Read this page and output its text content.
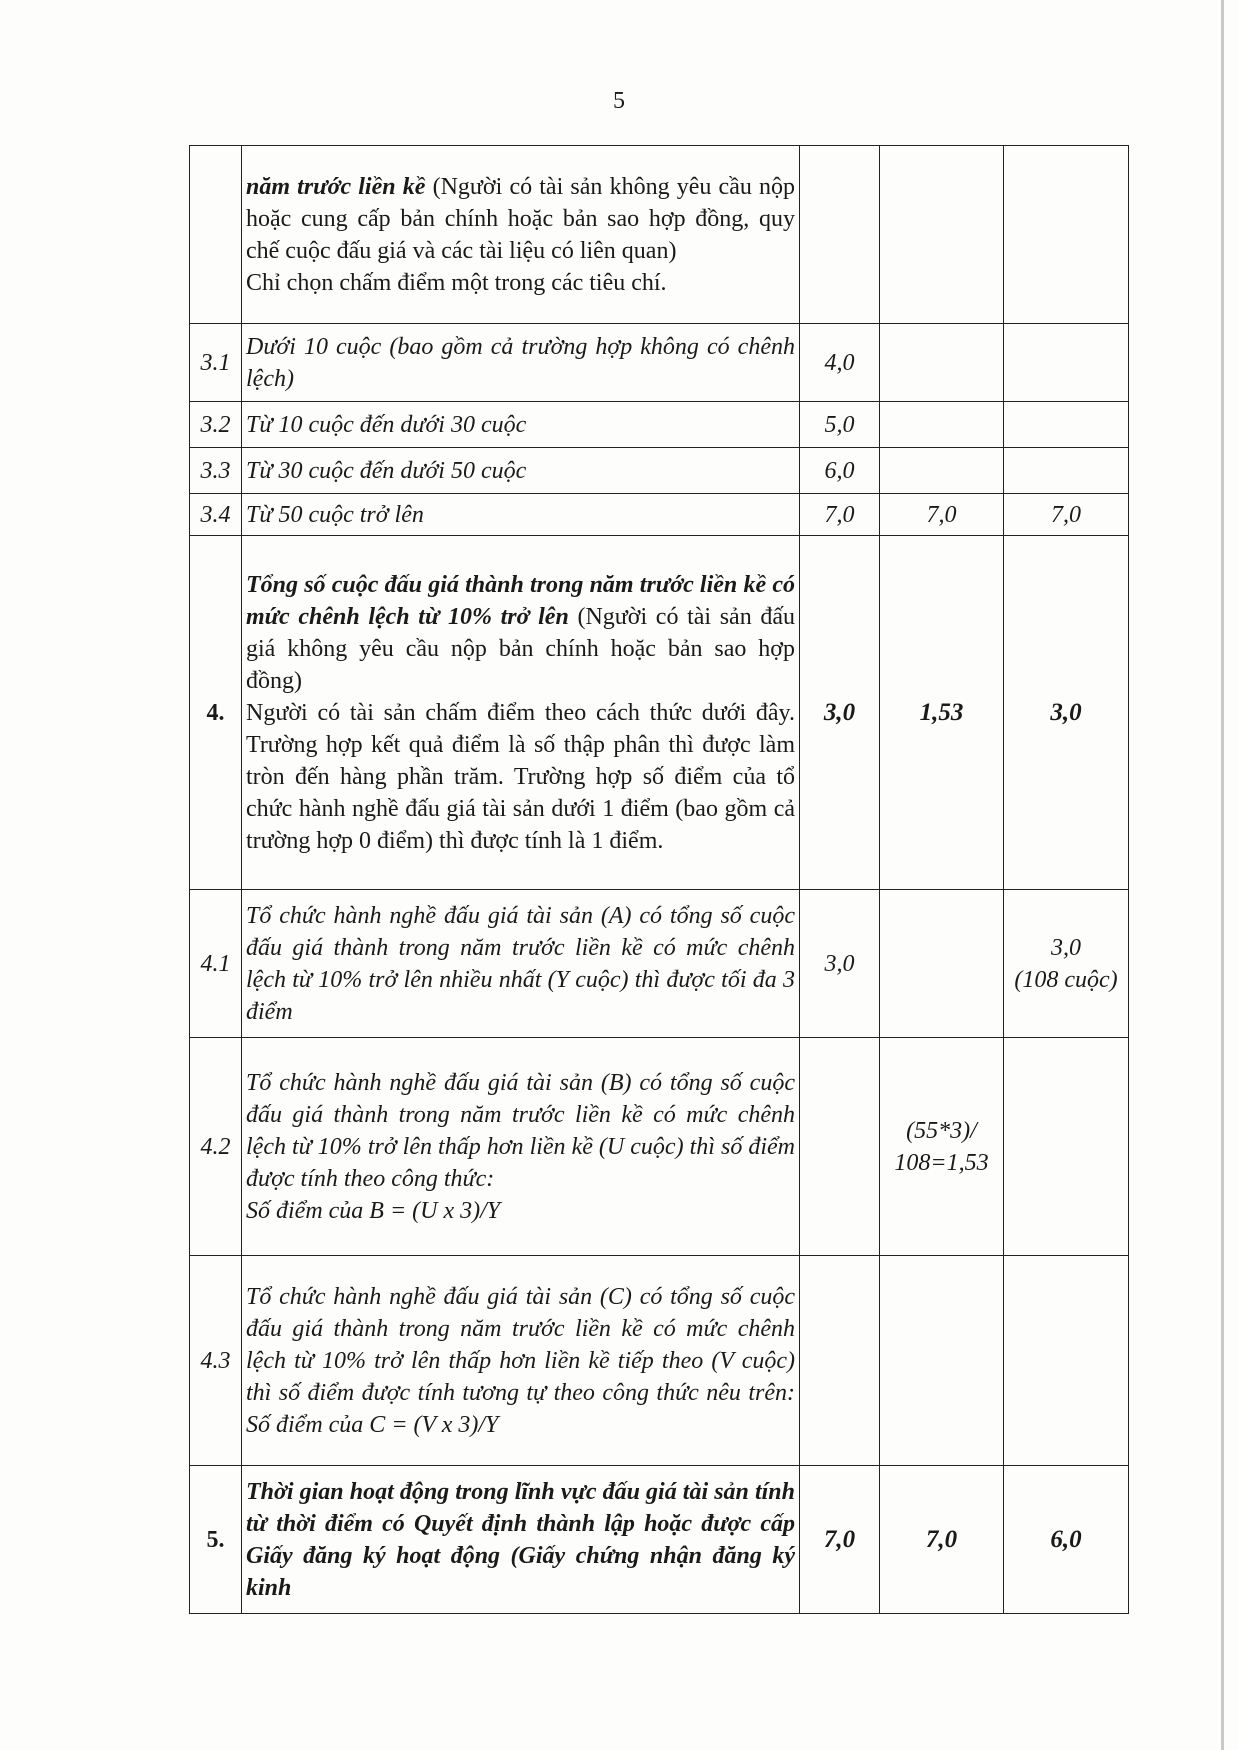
5
	năm trước liền kề (Người có tài sản không yêu cầu nộp hoặc cung cấp bản chính hoặc bản sao hợp đồng, quy chế cuộc đấu giá và các tài liệu có liên quan)
Chỉ chọn chấm điểm một trong các tiêu chí.			

3.1	Dưới 10 cuộc (bao gồm cả trường hợp không có chênh lệch)	4,0		
3.2	Từ 10 cuộc đến dưới 30 cuộc	5,0		
3.3	Từ 30 cuộc đến dưới 50 cuộc	6,0		
3.4	Từ 50 cuộc trở lên	7,0	7,0	7,0
4.	Tổng số cuộc đấu giá thành trong năm trước liền kề có mức chênh lệch từ 10% trở lên (Người có tài sản đấu giá không yêu cầu nộp bản chính hoặc bản sao hợp đồng)
Người có tài sản chấm điểm theo cách thức dưới đây. Trường hợp kết quả điểm là số thập phân thì được làm tròn đến hàng phần trăm. Trường hợp số điểm của tổ chức hành nghề đấu giá tài sản dưới 1 điểm (bao gồm cả trường hợp 0 điểm) thì được tính là 1 điểm.	3,0	1,53	3,0
4.1	Tổ chức hành nghề đấu giá tài sản (A) có tổng số cuộc đấu giá thành trong năm trước liền kề có mức chênh lệch từ 10% trở lên nhiều nhất (Y cuộc) thì được tối đa 3 điểm	3,0		3,0
(108 cuộc)

4.2	Tổ chức hành nghề đấu giá tài sản (B) có tổng số cuộc đấu giá thành trong năm trước liền kề có mức chênh lệch từ 10% trở lên thấp hơn liền kề (U cuộc) thì số điểm được tính theo công thức:
Số điểm của B = (U x 3)/Y		(55*3)/
108=1,53	

4.3	Tổ chức hành nghề đấu giá tài sản (C) có tổng số cuộc đấu giá thành trong năm trước liền kề có mức chênh lệch từ 10% trở lên thấp hơn liền kề tiếp theo (V cuộc) thì số điểm được tính tương tự theo công thức nêu trên: Số điểm của C = (V x 3)/Y			
5.	Thời gian hoạt động trong lĩnh vực đấu giá tài sản tính từ thời điểm có Quyết định thành lập hoặc được cấp Giấy đăng ký hoạt động (Giấy chứng nhận đăng ký kinh	7,0	7,0	6,0
